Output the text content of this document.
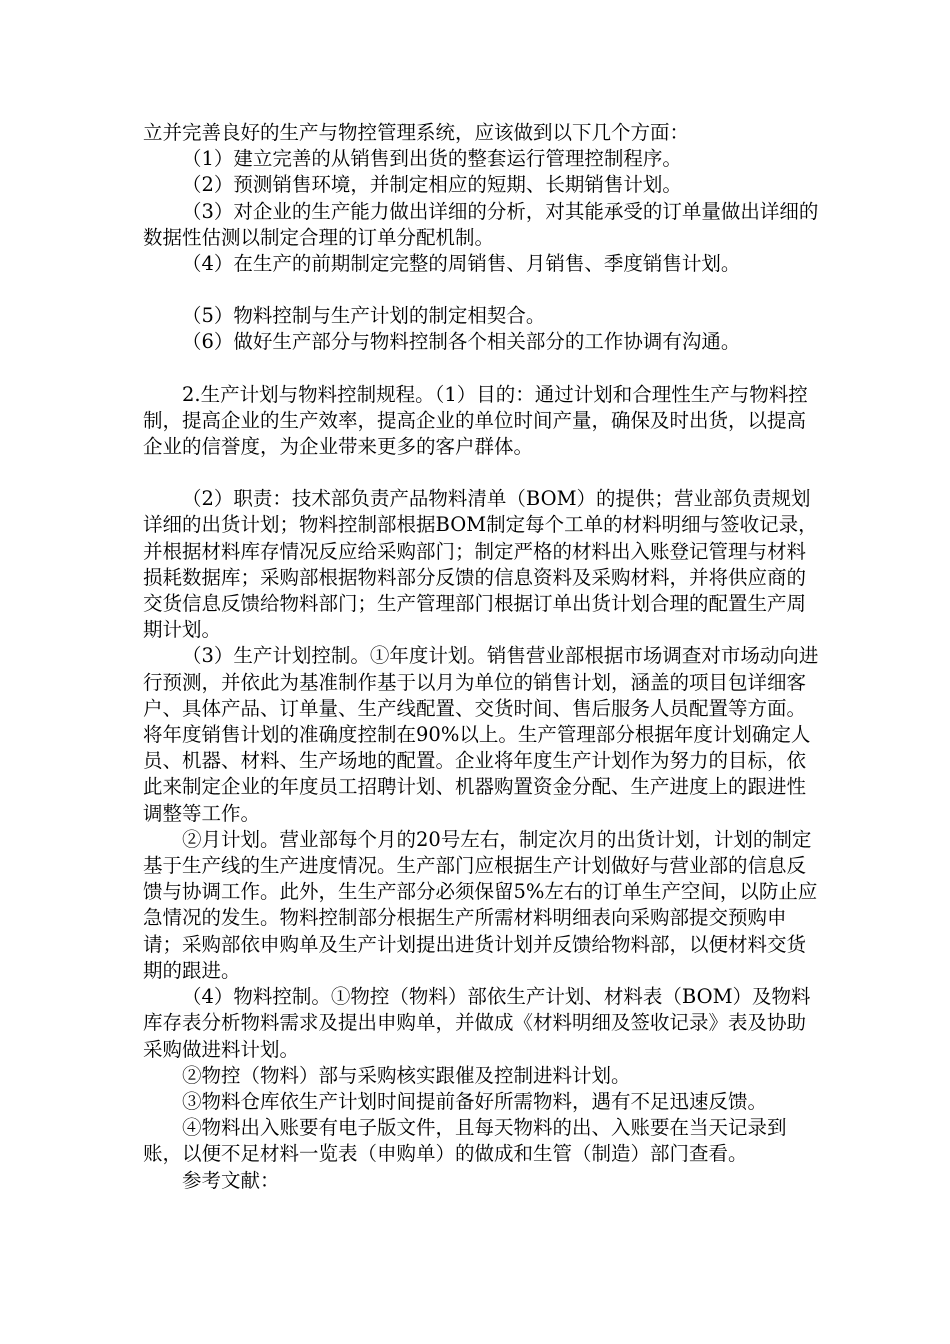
立并完善良好的生产与物控管理系统，应该做到以下几个方面：

（1）建立完善的从销售到出货的整套运行管理控制程序。

（2）预测销售环境，并制定相应的短期、长期销售计划。

（3）对企业的生产能力做出详细的分析，对其能承受的订单量做出详细的数据性估测以制定合理的订单分配机制。

（4）在生产的前期制定完整的周销售、月销售、季度销售计划。

（5）物料控制与生产计划的制定相契合。

（6）做好生产部分与物料控制各个相关部分的工作协调有沟通。

2.生产计划与物料控制规程。（1）目的：通过计划和合理性生产与物料控制，提高企业的生产效率，提高企业的单位时间产量，确保及时出货，以提高企业的信誉度，为企业带来更多的客户群体。

（2）职责：技术部负责产品物料清单（BOM）的提供；营业部负责规划详细的出货计划；物料控制部根据BOM制定每个工单的材料明细与签收记录，并根据材料库存情况反应给采购部门；制定严格的材料出入账登记管理与材料损耗数据库；采购部根据物料部分反馈的信息资料及采购材料，并将供应商的交货信息反馈给物料部门；生产管理部门根据订单出货计划合理的配置生产周期计划。

（3）生产计划控制。①年度计划。销售营业部根据市场调查对市场动向进行预测，并依此为基准制作基于以月为单位的销售计划，涵盖的项目包详细客户、具体产品、订单量、生产线配置、交货时间、售后服务人员配置等方面。将年度销售计划的准确度控制在90%以上。生产管理部分根据年度计划确定人员、机器、材料、生产场地的配置。企业将年度生产计划作为努力的目标，依此来制定企业的年度员工招聘计划、机器购置资金分配、生产进度上的跟进性调整等工作。

②月计划。营业部每个月的20号左右，制定次月的出货计划，计划的制定基于生产线的生产进度情况。生产部门应根据生产计划做好与营业部的信息反馈与协调工作。此外，生生产部分必须保留5%左右的订单生产空间，以防止应急情况的发生。物料控制部分根据生产所需材料明细表向采购部提交预购申请；采购部依申购单及生产计划提出进货计划并反馈给物料部，以便材料交货期的跟进。

（4）物料控制。①物控（物料）部依生产计划、材料表（BOM）及物料库存表分析物料需求及提出申购单，并做成《材料明细及签收记录》表及协助采购做进料计划。

②物控（物料）部与采购核实跟催及控制进料计划。

③物料仓库依生产计划时间提前备好所需物料，遇有不足迅速反馈。

④物料出入账要有电子版文件，且每天物料的出、入账要在当天记录到账，以便不足材料一览表（申购单）的做成和生管（制造）部门查看。

参考文献：
